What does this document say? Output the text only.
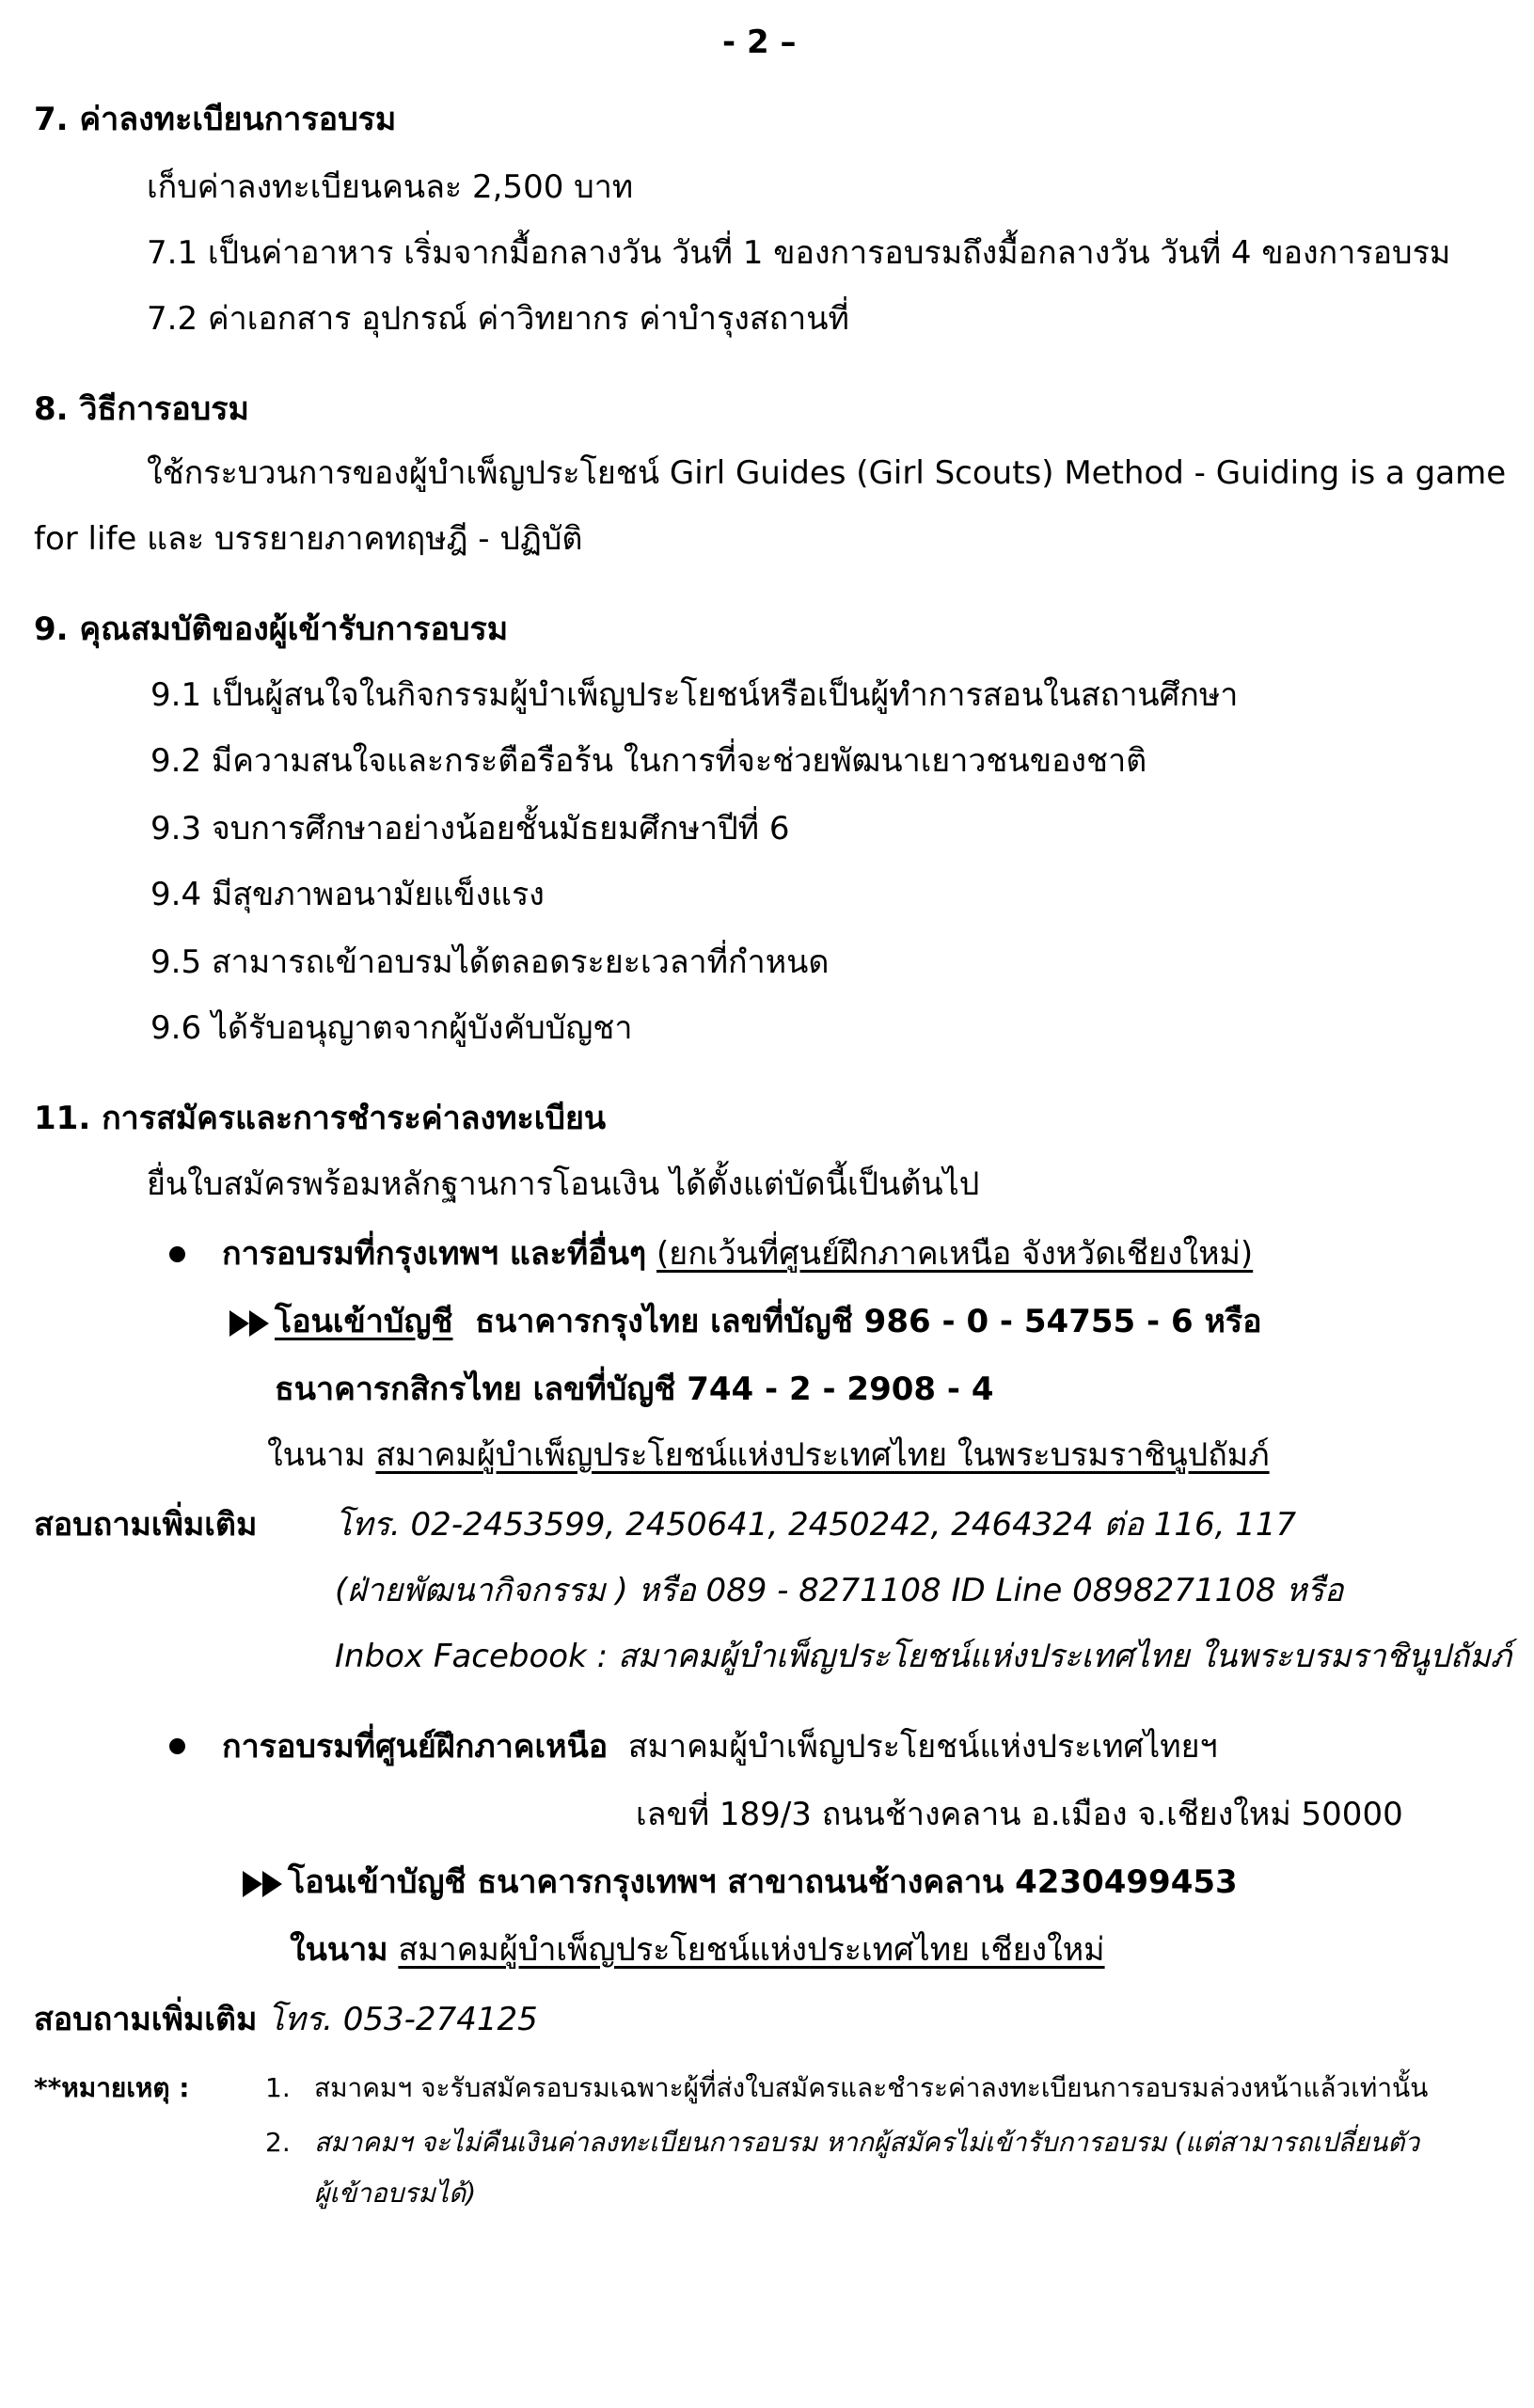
- 2 –
7. ค่าลงทะเบียนการอบรม
เก็บค่าลงทะเบียนคนละ 2,500 บาท
7.1 เป็นค่าอาหาร เริ่มจากมื้อกลางวัน วันที่ 1 ของการอบรมถึงมื้อกลางวัน วันที่ 4 ของการอบรม
7.2 ค่าเอกสาร อุปกรณ์ ค่าวิทยากร ค่าบำรุงสถานที่
8. วิธีการอบรม
ใช้กระบวนการของผู้บำเพ็ญประโยชน์ Girl Guides (Girl Scouts) Method - Guiding is a game
for life และ บรรยายภาคทฤษฎี - ปฏิบัติ
9. คุณสมบัติของผู้เข้ารับการอบรม
9.1 เป็นผู้สนใจในกิจกรรมผู้บำเพ็ญประโยชน์หรือเป็นผู้ทำการสอนในสถานศึกษา
9.2 มีความสนใจและกระตือรือร้น ในการที่จะช่วยพัฒนาเยาวชนของชาติ
9.3 จบการศึกษาอย่างน้อยชั้นมัธยมศึกษาปีที่ 6
9.4 มีสุขภาพอนามัยแข็งแรง
9.5 สามารถเข้าอบรมได้ตลอดระยะเวลาที่กำหนด
9.6 ได้รับอนุญาตจากผู้บังคับบัญชา
11. การสมัครและการชำระค่าลงทะเบียน
ยื่นใบสมัครพร้อมหลักฐานการโอนเงิน ได้ตั้งแต่บัดนี้เป็นต้นไป
การอบรมที่กรุงเทพฯ และที่อื่นๆ (ยกเว้นที่ศูนย์ฝึกภาคเหนือ จังหวัดเชียงใหม่)
โอนเข้าบัญชี ธนาคารกรุงไทย เลขที่บัญชี 986 - 0 - 54755 - 6 หรือ
ธนาคารกสิกรไทย เลขที่บัญชี 744 - 2 - 2908 - 4
ในนาม สมาคมผู้บำเพ็ญประโยชน์แห่งประเทศไทย ในพระบรมราชินูปถัมภ์
สอบถามเพิ่มเติม โทร. 02-2453599, 2450641, 2450242, 2464324 ต่อ 116, 117
(ฝ่ายพัฒนากิจกรรม ) หรือ 089 - 8271108 ID Line 0898271108 หรือ
Inbox Facebook : สมาคมผู้บำเพ็ญประโยชน์แห่งประเทศไทย ในพระบรมราชินูปถัมภ์
การอบรมที่ศูนย์ฝึกภาคเหนือ สมาคมผู้บำเพ็ญประโยชน์แห่งประเทศไทยฯ
เลขที่ 189/3 ถนนช้างคลาน อ.เมือง จ.เชียงใหม่ 50000
โอนเข้าบัญชี ธนาคารกรุงเทพฯ สาขาถนนช้างคลาน 4230499453
ในนาม สมาคมผู้บำเพ็ญประโยชน์แห่งประเทศไทย เชียงใหม่
สอบถามเพิ่มเติม โทร. 053-274125
**หมายเหตุ :	1. สมาคมฯ จะรับสมัครอบรมเฉพาะผู้ที่ส่งใบสมัครและชำระค่าลงทะเบียนการอบรมล่วงหน้าแล้วเท่านั้น
2. สมาคมฯ จะไม่คืนเงินค่าลงทะเบียนการอบรม หากผู้สมัครไม่เข้ารับการอบรม (แต่สามารถเปลี่ยนตัว
ผู้เข้าอบรมได้)
